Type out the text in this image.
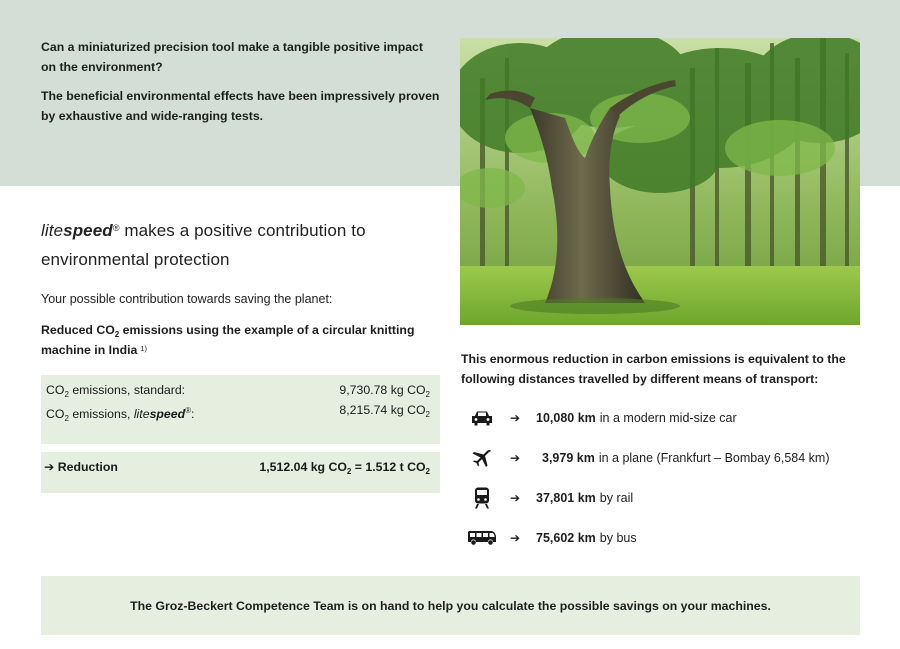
Can a miniaturized precision tool make a tangible positive impact on the environment?

The beneficial environmental effects have been impressively proven by exhaustive and wide-ranging tests.

litespeed® makes a positive contribution to environmental protection
Your possible contribution towards saving the planet:
Reduced $CO_2$ emissions using the example of a circular knitting machine in India $^{1)}$
$CO_2$ emissions, standard:	9,730.78 kg $CO_2$
$CO_2$ emissions, litespeed®:	8,215.74 kg $CO_2$
➔ Reduction	1,512.04 kg $CO_2 = 1.512$ t $CO_2$
This enormous reduction in carbon emissions is equivalent to the following distances travelled by different means of transport:
➔	10,080 km in a modern mid-size car
➔	3,979 km in a plane (Frankfurt – Bombay 6,584 km)
➔	37,801 km by rail
➔	75,602 km by bus
The Groz-Beckert Competence Team is on hand to help you calculate the possible savings on your machines.
